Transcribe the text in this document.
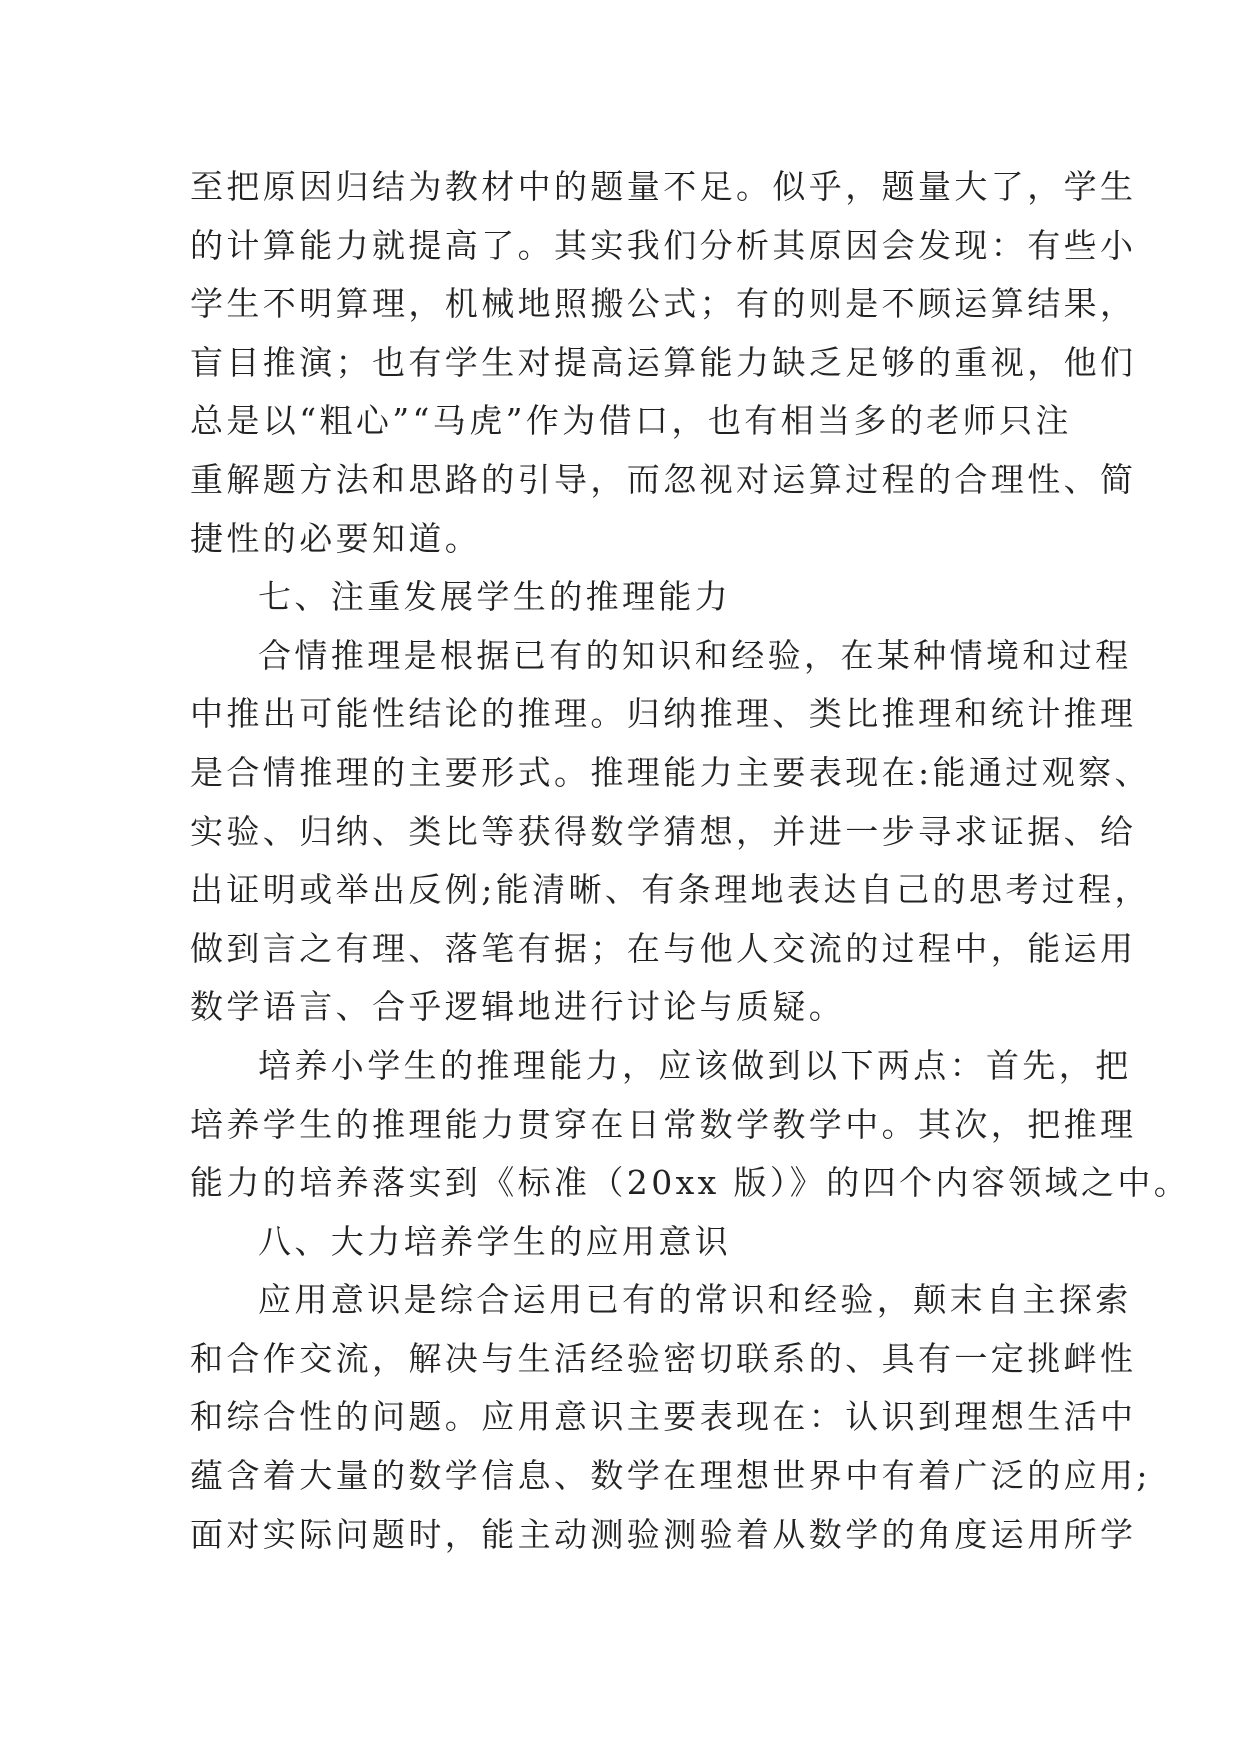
至把原因归结为教材中的题量不足。似乎，题量大了，学生
的计算能力就提高了。其实我们分析其原因会发现：有些小
学生不明算理，机械地照搬公式；有的则是不顾运算结果，
盲目推演；也有学生对提高运算能力缺乏足够的重视，他们
总是以“粗心”“马虎”作为借口，也有相当多的老师只注
重解题方法和思路的引导，而忽视对运算过程的合理性、简
捷性的必要知道。
七、注重发展学生的推理能力
合情推理是根据已有的知识和经验，在某种情境和过程
中推出可能性结论的推理。归纳推理、类比推理和统计推理
是合情推理的主要形式。推理能力主要表现在:能通过观察、
实验、归纳、类比等获得数学猜想，并进一步寻求证据、给
出证明或举出反例;能清晰、有条理地表达自己的思考过程，
做到言之有理、落笔有据；在与他人交流的过程中，能运用
数学语言、合乎逻辑地进行讨论与质疑。
培养小学生的推理能力，应该做到以下两点：首先，把
培养学生的推理能力贯穿在日常数学教学中。其次，把推理
能力的培养落实到《标准（20xx 版）》的四个内容领域之中。
八、大力培养学生的应用意识
应用意识是综合运用已有的常识和经验，颠末自主探索
和合作交流，解决与生活经验密切联系的、具有一定挑衅性
和综合性的问题。应用意识主要表现在：认识到理想生活中
蕴含着大量的数学信息、数学在理想世界中有着广泛的应用;
面对实际问题时，能主动测验测验着从数学的角度运用所学
